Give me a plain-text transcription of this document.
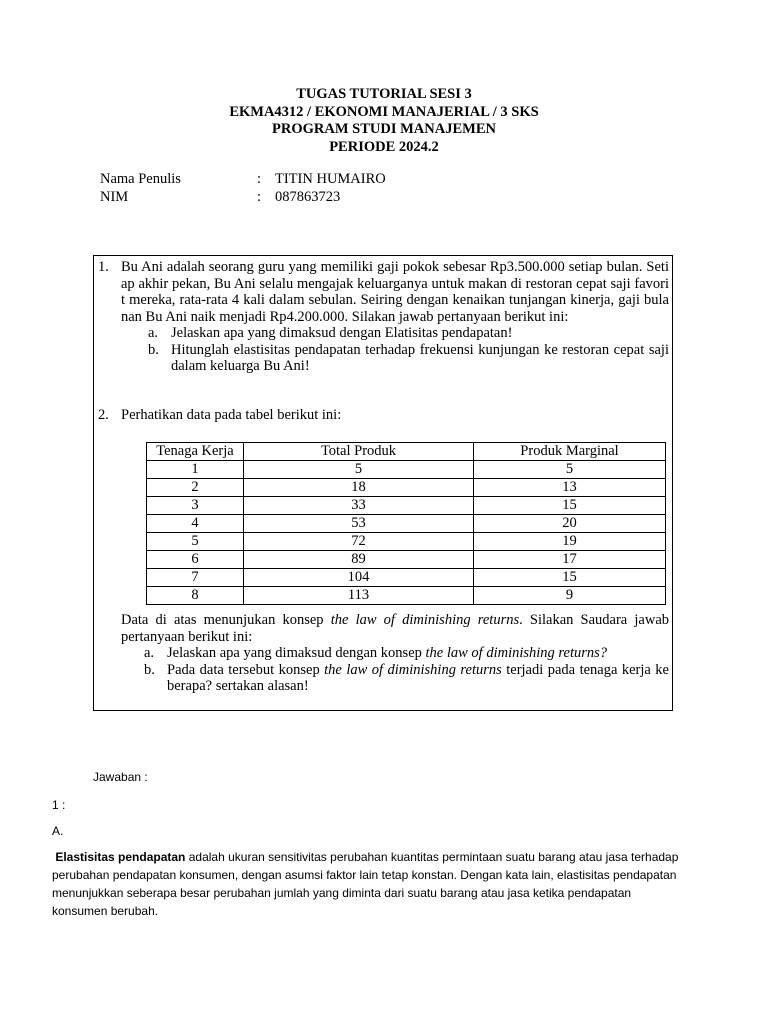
TUGAS TUTORIAL SESI 3
EKMA4312 / EKONOMI MANAJERIAL / 3 SKS
PROGRAM STUDI MANAJEMEN
PERIODE 2024.2
Nama Penulis	: TITIN HUMAIRO
NIM	: 087863723
1. Bu Ani adalah seorang guru yang memiliki gaji pokok sebesar Rp3.500.000 setiap bulan. Setiap akhir pekan, Bu Ani selalu mengajak keluarganya untuk makan di restoran cepat saji favorit mereka, rata-rata 4 kali dalam sebulan. Seiring dengan kenaikan tunjangan kinerja, gaji bulanan Bu Ani naik menjadi Rp4.200.000. Silakan jawab pertanyaan berikut ini:
a. Jelaskan apa yang dimaksud dengan Elatisitas pendapatan!
b. Hitunglah elastisitas pendapatan terhadap frekuensi kunjungan ke restoran cepat saji dalam keluarga Bu Ani!
2. Perhatikan data pada tabel berikut ini:
Tenaga Kerja	Total Produk	Produk Marginal
1	5	5
2	18	13
3	33	15
4	53	20
5	72	19
6	89	17
7	104	15
8	113	9
Data di atas menunjukan konsep the law of diminishing returns. Silakan Saudara jawab pertanyaan berikut ini:
a. Jelaskan apa yang dimaksud dengan konsep the law of diminishing returns?
b. Pada data tersebut konsep the law of diminishing returns terjadi pada tenaga kerja ke berapa? sertakan alasan!
Jawaban :
1 :
A.
Elastisitas pendapatan adalah ukuran sensitivitas perubahan kuantitas permintaan suatu barang atau jasa terhadap perubahan pendapatan konsumen, dengan asumsi faktor lain tetap konstan. Dengan kata lain, elastisitas pendapatan menunjukkan seberapa besar perubahan jumlah yang diminta dari suatu barang atau jasa ketika pendapatan konsumen berubah.
